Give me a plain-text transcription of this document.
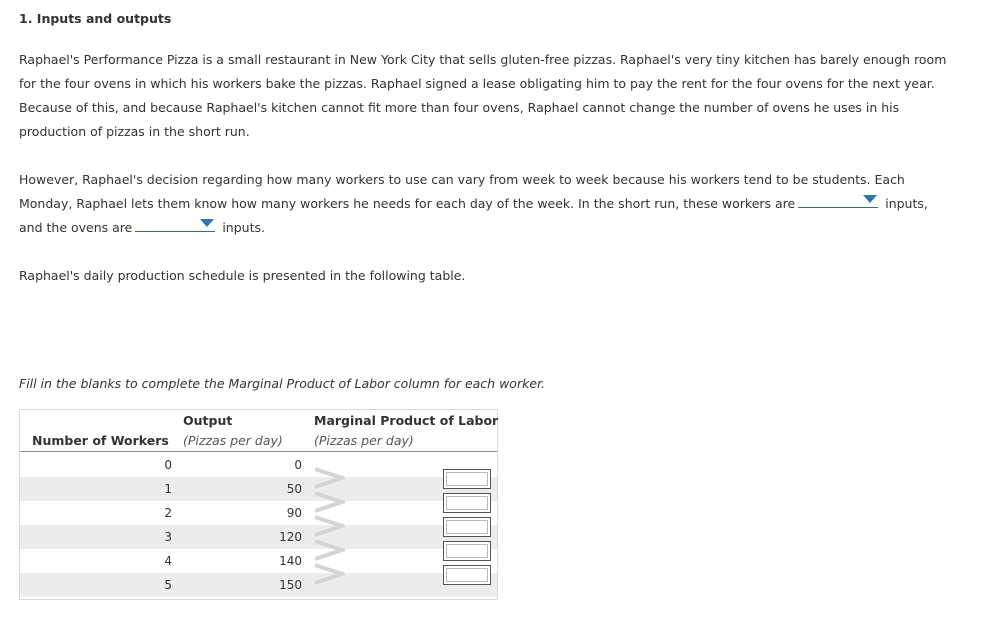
1. Inputs and outputs
Raphael's Performance Pizza is a small restaurant in New York City that sells gluten-free pizzas. Raphael's very tiny kitchen has barely enough room for the four ovens in which his workers bake the pizzas. Raphael signed a lease obligating him to pay the rent for the four ovens for the next year. Because of this, and because Raphael's kitchen cannot fit more than four ovens, Raphael cannot change the number of ovens he uses in his production of pizzas in the short run.
However, Raphael's decision regarding how many workers to use can vary from week to week because his workers tend to be students. Each Monday, Raphael lets them know how many workers he needs for each day of the week. In the short run, these workers are	inputs, and the ovens are	inputs.
Raphael's daily production schedule is presented in the following table.
Fill in the blanks to complete the Marginal Product of Labor column for each worker.
Number of Workers
Output
(Pizzas per day)
Marginal Product of Labor
(Pizzas per day)
0	0
1	50
2	90
3	120
4	140
5	150
